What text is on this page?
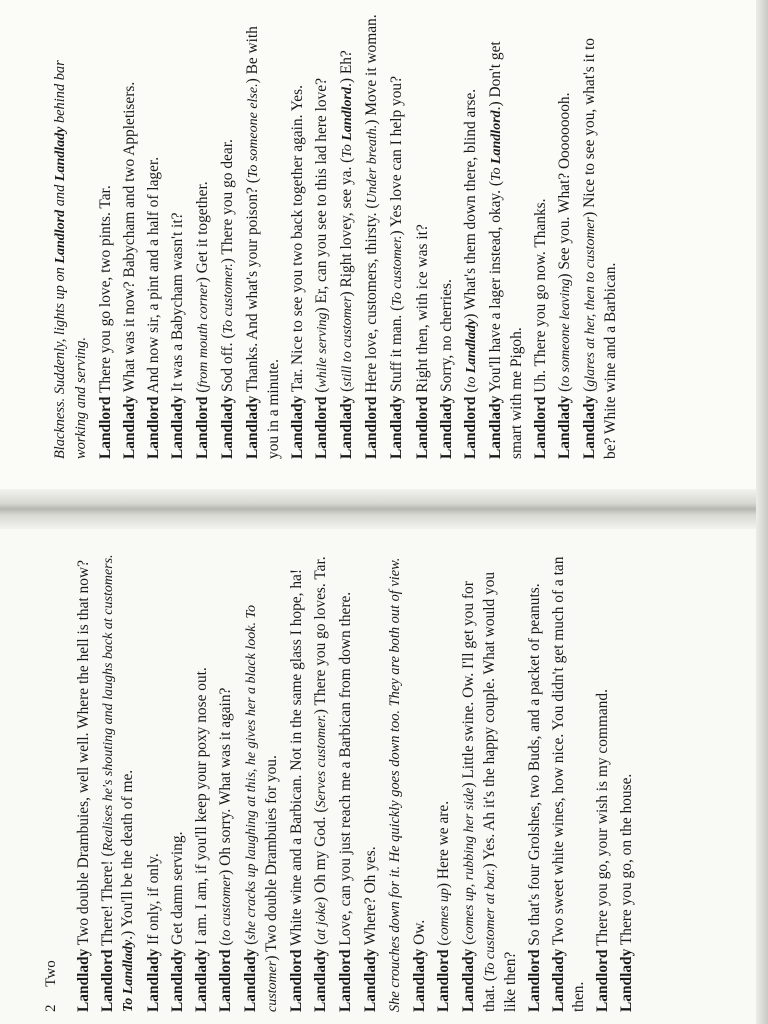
2 Two Landlady Two double Drambuies, well well. Where the hell is that now?
Landlord There! There! (Realises he's shouting and laughs back at customers. To Landlady.) You'll be the death of me.
Landlady If only, if only.
Landlady Get damn serving.
Landlady I am. I am, if you'll keep your poxy nose out.
Landlord (to customer) Oh sorry. What was it again?
Landlady (she cracks up laughing at this, he gives her a black look. To customer) Two double Drambuies for you.
Landlord White wine and a Barbican. Not in the same glass I hope, ha!
Landlady (at joke) Oh my God. (Serves customer.) There you go loves. Tar.
Landlord Love, can you just reach me a Barbican from down there.
Landlady Where? Oh yes. She crouches down for it. He quickly goes down too. They are both out of view. Landlady Ow.
Landlord (comes up) Here we are.
Landlady (comes up, rubbing her side) Little swine. Ow. I'll get you for that. (To customer at bar.) Yes. Ah it's the happy couple. What would you like then? Landlord So that's four Grolshes, two Buds, and a packet of peanuts.
Landlady Two sweet white wines, how nice. You didn't get much of a tan then. Landlord There you go, your wish is my command.
Landlady There you go, on the house.
Blackness. Suddenly, lights up on Landlord and Landlady behind bar working and serving. Landlord There you go love, two pints. Tar.
Landlady What was it now? Babycham and two Appletisers.
Landlord And now sir, a pint and a half of lager.
Landlady It was a Babycham wasn't it?
Landlord (from mouth corner) Get it together.
Landlady Sod off. (To customer.) There you go dear.
Landlady Thanks. And what's your poison? (To someone else.) Be with you in a minute. Landlady Tar. Nice to see you two back together again. Yes.
Landlord (while serving) Er, can you see to this lad here love?
Landlady (still to customer) Right lovey, see ya. (To Landlord.) Eh?
Landlord Here love, customers, thirsty. (Under breath.) Move it woman.
Landlady Stuff it man. (To customer.) Yes love can I help you?
Landlord Right then, with ice was it?
Landlady Sorry, no cherries.
Landlord (to Landlady) What's them down there, blind arse.
Landlady You'll have a lager instead, okay. (To Landlord.) Don't get smart with me Pigoh. Landlord Uh. There you go now. Thanks.
Landlady (to someone leaving) See you. What? Ooooooooh.
Landlady (glares at her, then to customer) Nice to see you, what's it to be? White wine and a Barbican.
